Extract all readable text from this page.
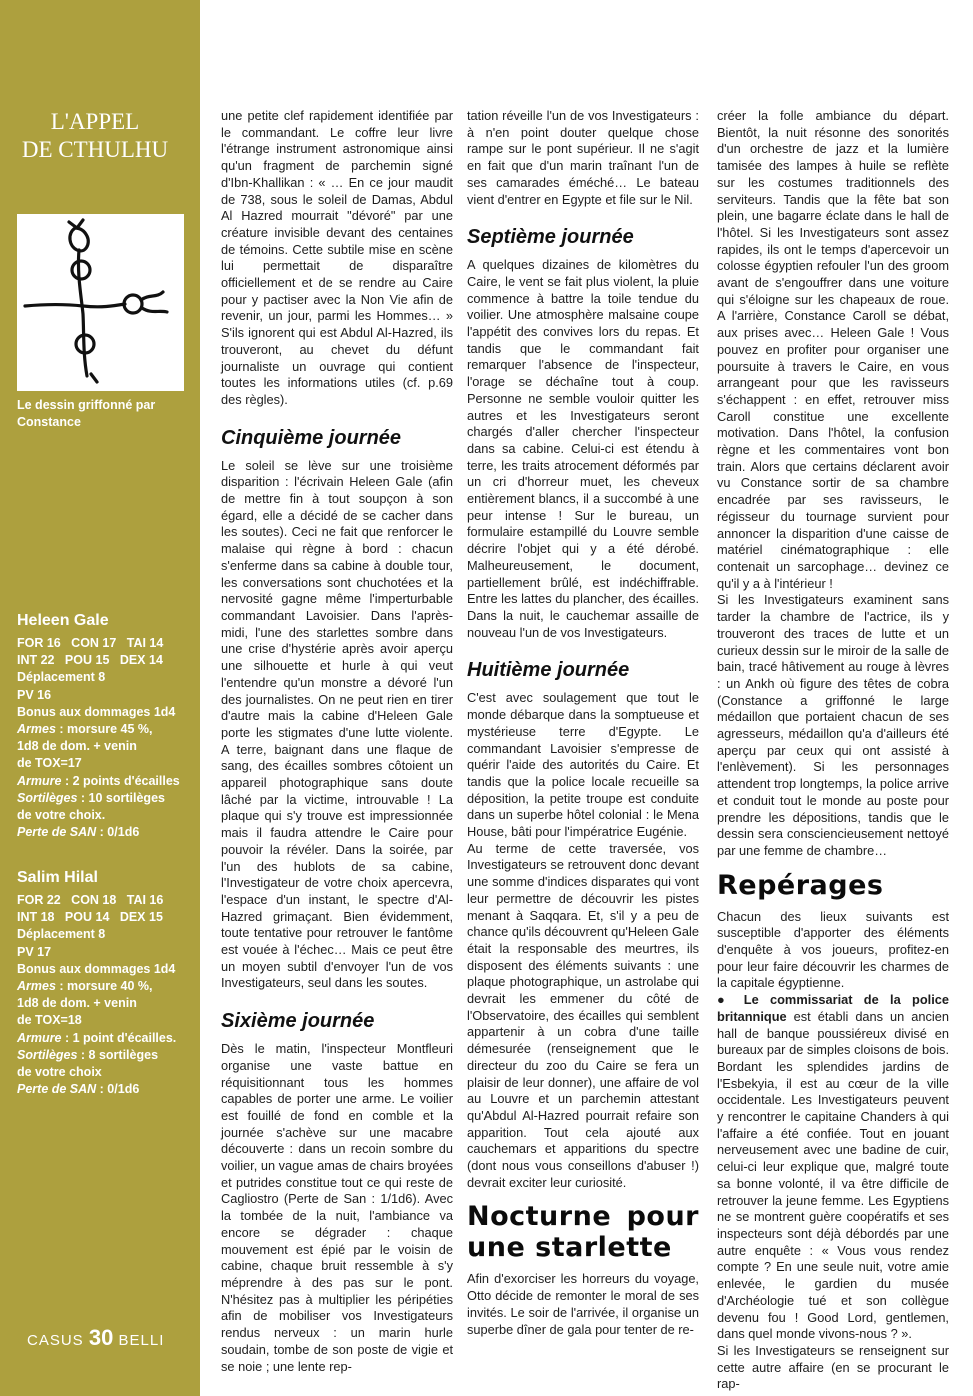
L'APPEL
DE CTHULHU
Le dessin griffonné par Constance
Heleen Gale
FOR 16   CON 17   TAI 14
INT 22   POU 15   DEX 14
Déplacement 8
PV 16
Bonus aux dommages 1d4
Armes : morsure 45 %,
1d8 de dom. + venin
de TOX=17
Armure : 2 points d'écailles
Sortilèges : 10 sortilèges
de votre choix.
Perte de SAN : 0/1d6
Salim Hilal
FOR 22   CON 18   TAI 16
INT 18   POU 14   DEX 15
Déplacement 8
PV 17
Bonus aux dommages 1d4
Armes : morsure 40 %,
1d8 de dom. + venin
de TOX=18
Armure : 1 point d'écailles.
Sortilèges : 8 sortilèges
de votre choix
Perte de SAN : 0/1d6
CASUS 30 BELLI

une petite clef rapidement identifiée par le commandant. Le coffre leur livre l'étrange instrument astronomique ainsi qu'un fragment de parchemin signé d'Ibn-Khallikan : « … En ce jour maudit de 738, sous le soleil de Damas, Abdul Al Hazred mourrait "dévoré" par une créature invisible devant des centaines de témoins. Cette subtile mise en scène lui permettait de disparaître officiellement et de se rendre au Caire pour y pactiser avec la Non Vie afin de revenir, un jour, parmi les Hommes… » S'ils ignorent qui est Abdul Al-Hazred, ils trouveront, au chevet du défunt journaliste un ouvrage qui contient toutes les informations utiles (cf. p.69 des règles).

Cinquième journée

Le soleil se lève sur une troisième disparition : l'écrivain Heleen Gale (afin de mettre fin à tout soupçon à son égard, elle a décidé de se cacher dans les soutes). Ceci ne fait que renforcer le malaise qui règne à bord : chacun s'enferme dans sa cabine à double tour, les conversations sont chuchotées et la nervosité gagne même l'imperturbable commandant Lavoisier. Dans l'après-midi, l'une des starlettes sombre dans une crise d'hystérie après avoir aperçu une silhouette et hurle à qui veut l'entendre qu'un monstre a dévoré l'un des journalistes. On ne peut rien en tirer d'autre mais la cabine d'Heleen Gale porte les stigmates d'une lutte violente. A terre, baignant dans une flaque de sang, des écailles sombres côtoient un appareil photographique sans doute lâché par la victime, introuvable ! La plaque qui s'y trouve est impressionnée mais il faudra attendre le Caire pour pouvoir la révéler. Dans la soirée, par l'un des hublots de sa cabine, l'Investigateur de votre choix apercevra, l'espace d'un instant, le spectre d'Al-Hazred grimaçant. Bien évidemment, toute tentative pour retrouver le fantôme est vouée à l'échec… Mais ce peut être un moyen subtil d'envoyer l'un de vos Investigateurs, seul dans les soutes.

Sixième journée

Dès le matin, l'inspecteur Montfleuri organise une vaste battue en réquisitionnant tous les hommes capables de porter une arme. Le voilier est fouillé de fond en comble et la journée s'achève sur une macabre découverte : dans un recoin sombre du voilier, un vague amas de chairs broyées et putrides constitue tout ce qui reste de Cagliostro (Perte de San : 1/1d6). Avec la tombée de la nuit, l'ambiance va encore se dégrader : chaque mouvement est épié par le voisin de cabine, chaque bruit ressemble à s'y méprendre à des pas sur le pont. N'hésitez pas à multiplier les péripéties afin de mobiliser vos Investigateurs rendus nerveux : un marin hurle soudain, tombe de son poste de vigie et se noie ; une lente rep-

tation réveille l'un de vos Investigateurs : à n'en point douter quelque chose rampe sur le pont supérieur. Il ne s'agit en fait que d'un marin traînant l'un de ses camarades éméché… Le bateau vient d'entrer en Egypte et file sur le Nil.

Septième journée

A quelques dizaines de kilomètres du Caire, le vent se fait plus violent, la pluie commence à battre la toile tendue du voilier. Une atmosphère malsaine coupe l'appétit des convives lors du repas. Et tandis que le commandant fait remarquer l'absence de l'inspecteur, l'orage se déchaîne tout à coup. Personne ne semble vouloir quitter les autres et les Investigateurs seront chargés d'aller chercher l'inspecteur dans sa cabine. Celui-ci est étendu à terre, les traits atrocement déformés par un cri d'horreur muet, les cheveux entièrement blancs, il a succombé à une peur intense ! Sur le bureau, un formulaire estampillé du Louvre semble décrire l'objet qui y a été dérobé. Malheureusement, le document, partiellement brûlé, est indéchiffrable. Entre les lattes du plancher, des écailles. Dans la nuit, le cauchemar assaille de nouveau l'un de vos Investigateurs.

Huitième journée

C'est avec soulagement que tout le monde débarque dans la somptueuse et mystérieuse terre d'Egypte. Le commandant Lavoisier s'empresse de quérir l'aide des autorités du Caire. Et tandis que la police locale recueille sa déposition, la petite troupe est conduite dans un superbe hôtel colonial : le Mena House, bâti pour l'impératrice Eugénie.

Au terme de cette traversée, vos Investigateurs se retrouvent donc devant une somme d'indices disparates qui vont leur permettre de découvrir les pistes menant à Saqqara. Et, s'il y a peu de chance qu'ils découvrent qu'Heleen Gale était la responsable des meurtres, ils disposent des éléments suivants : une plaque photographique, un astrolabe qui devrait les emmener du côté de l'Observatoire, des écailles qui semblent appartenir à un cobra d'une taille démesurée (renseignement que le directeur du zoo du Caire se fera un plaisir de leur donner), une affaire de vol au Louvre et un parchemin attestant qu'Abdul Al-Hazred pourrait refaire son apparition. Tout cela ajouté aux cauchemars et apparitions du spectre (dont nous vous conseillons d'abuser !) devrait exciter leur curiosité.

Nocturne pour une starlette

Afin d'exorciser les horreurs du voyage, Otto décide de remonter le moral de ses invités. Le soir de l'arrivée, il organise un superbe dîner de gala pour tenter de re-

créer la folle ambiance du départ. Bientôt, la nuit résonne des sonorités d'un orchestre de jazz et la lumière tamisée des lampes à huile se reflète sur les costumes traditionnels des serviteurs. Tandis que la fête bat son plein, une bagarre éclate dans le hall de l'hôtel. Si les Investigateurs sont assez rapides, ils ont le temps d'apercevoir un colosse égyptien refouler l'un des groom avant de s'engouffrer dans une voiture qui s'éloigne sur les chapeaux de roue. A l'arrière, Constance Caroll se débat, aux prises avec… Heleen Gale ! Vous pouvez en profiter pour organiser une poursuite à travers le Caire, en vous arrangeant pour que les ravisseurs s'échappent : en effet, retrouver miss Caroll constitue une excellente motivation. Dans l'hôtel, la confusion règne et les commentaires vont bon train. Alors que certains déclarent avoir vu Constance sortir de sa chambre encadrée par ses ravisseurs, le régisseur du tournage survient pour annoncer la disparition d'une caisse de matériel cinématographique : elle contenait un sarcophage… devinez ce qu'il y a à l'intérieur !

Si les Investigateurs examinent sans tarder la chambre de l'actrice, ils y trouveront des traces de lutte et un curieux dessin sur le miroir de la salle de bain, tracé hâtivement au rouge à lèvres : un Ankh où figure des têtes de cobra (Constance a griffonné le large médaillon que portaient chacun de ses agresseurs, médaillon qu'a d'ailleurs été aperçu par ceux qui ont assisté à l'enlèvement). Si les personnages attendent trop longtemps, la police arrive et conduit tout le monde au poste pour prendre les dépositions, tandis que le dessin sera consciencieusement nettoyé par une femme de chambre…

Repérages

Chacun des lieux suivants est susceptible d'apporter des éléments d'enquête à vos joueurs, profitez-en pour leur faire découvrir les charmes de la capitale égyptienne.

● Le commissariat de la police britannique est établi dans un ancien hall de banque poussiéreux divisé en bureaux par de simples cloisons de bois. Bordant les splendides jardins de l'Esbekyia, il est au cœur de la ville occidentale. Les Investigateurs peuvent y rencontrer le capitaine Chanders à qui l'affaire a été confiée. Tout en jouant nerveusement avec une badine de cuir, celui-ci leur explique que, malgré toute sa bonne volonté, il va être difficile de retrouver la jeune femme. Les Egyptiens ne se montrent guère coopératifs et ses inspecteurs sont déjà débordés par une autre enquête : « Vous vous rendez compte ? En une seule nuit, votre amie enlevée, le gardien du musée d'Archéologie tué et son collègue devenu fou ! Good Lord, gentlemen, dans quel monde vivons-nous ? ».

Si les Investigateurs se renseignent sur cette autre affaire (en se procurant le rap-
